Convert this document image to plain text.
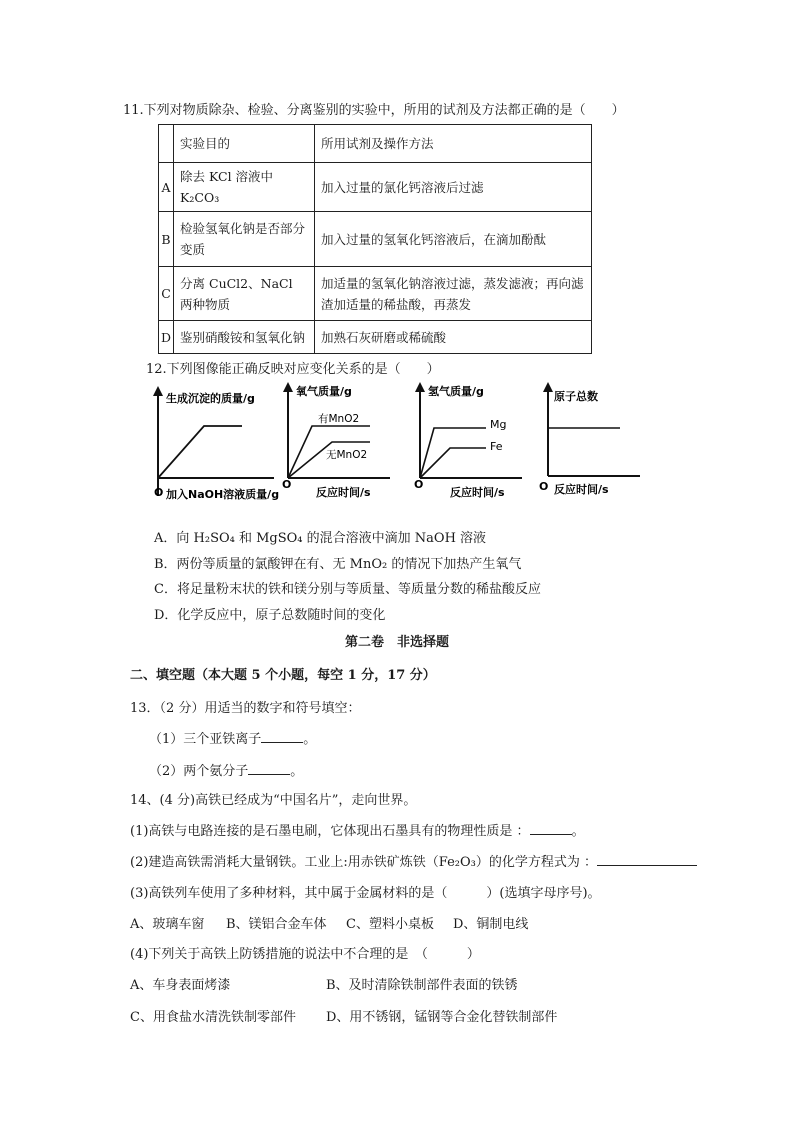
11.下列对物质除杂、检验、分离鉴别的实验中，所用的试剂及方法都正确的是（　　）
	实验目的	所用试剂及操作方法
A	除去 KCl 溶液中 K₂CO₃	加入过量的氯化钙溶液后过滤
B	检验氢氧化钠是否部分变质	加入过量的氢氧化钙溶液后，在滴加酚酞
C	分离 CuCl2、NaCl 两种物质	加适量的氢氧化钠溶液过滤，蒸发滤液；再向滤渣加适量的稀盐酸，再蒸发
D	鉴别硝酸铵和氢氧化钠	加熟石灰研磨或稀硫酸
12.下列图像能正确反映对应变化关系的是（　　）
生成沉淀的质量/g
O 加入NaOH溶液质量/g
氧气质量/g
有MnO2
无MnO2
O
反应时间/s
氢气质量/g
Mg
Fe
O
反应时间/s
原子总数
O 反应时间/s
A．向 H₂SO₄ 和 MgSO₄ 的混合溶液中滴加 NaOH 溶液
B．两份等质量的氯酸钾在有、无 MnO₂ 的情况下加热产生氧气
C．将足量粉末状的铁和镁分别与等质量、等质量分数的稀盐酸反应
D．化学反应中，原子总数随时间的变化
第二卷　非选择题
二、填空题（本大题 5 个小题，每空 1 分，17 分）
13．（2 分）用适当的数字和符号填空：
（1）三个亚铁离子	。
（2）两个氨分子	。
14、(4 分)高铁已经成为“中国名片”，走向世界。
(1)高铁与电路连接的是石墨电刷，它体现出石墨具有的物理性质是 ：	。
(2)建造高铁需消耗大量钢铁。工业上:用赤铁矿炼铁（Fe₂O₃）的化学方程式为 ：
(3)高铁列车使用了多种材料，其中属于金属材料的是（　　　）(选填字母序号)。
A、玻璃车窗 B、镁铝合金车体 C、塑料小桌板 D、铜制电线
(4)下列关于高铁上防锈措施的说法中不合理的是　（　　　）
A、车身表面烤漆	B、及时清除铁制部件表面的铁锈
C、用食盐水清洗铁制零部件 D、用不锈钢，锰钢等合金化替铁制部件
